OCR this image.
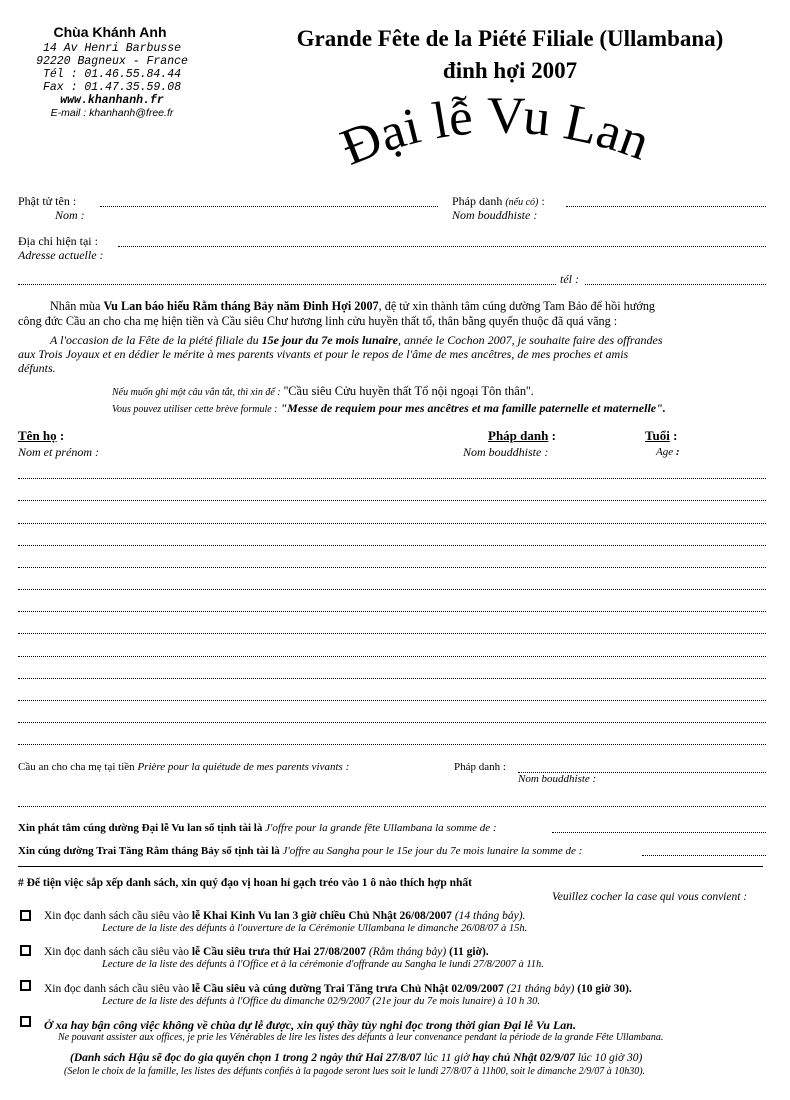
Chùa Khánh Anh
14 Av Henri Barbusse
92220 Bagneux - France
Tél : 01.46.55.84.44
Fax : 01.47.35.59.08
www.khanhanh.fr
E-mail : khanhanh@free.fr
Grande Fête de la Piété Filiale (Ullambana)
đinh hợi 2007
Đại lễ Vu Lan
Phật tử tên :
Nom :
Pháp danh (nếu có) :
Nom bouddhiste :
Địa chỉ hiện tại :
Adresse actuelle :
tél :
Nhân mùa Vu Lan báo hiếu Rằm tháng Bảy năm Đinh Hợi 2007, đệ tử xin thành tâm cúng dường Tam Bảo để hồi hướng
công đức Cầu an cho cha mẹ hiện tiền và Cầu siêu Chư hương linh cửu huyền thất tổ, thân bằng quyến thuộc đã quá vãng :
A l'occasion de la Fête de la piété filiale du 15e jour du 7e mois lunaire, année le Cochon 2007, je souhaite faire des offrandes
aux Trois Joyaux et en dédier le mérite à mes parents vivants et pour le repos de l'âme de mes ancêtres, de mes proches et amis
défunts.
Nếu muốn ghi một câu vắn tắt, thì xin để : ''Cầu siêu Cửu huyền thất Tổ nội ngoại Tôn thân''.
Vous pouvez utiliser cette brève formule : "Messe de requiem pour mes ancêtres et ma famille paternelle et maternelle".
Tên họ :
Nom et prénom :
Pháp danh :
Nom bouddhiste :
Tuổi :
Age :
Cầu an cho cha mẹ tại tiền Prière pour la quiétude de mes parents vivants :	Pháp danh :
Nom bouddhiste :
Xin phát tâm cúng dường Đại lễ Vu lan số tịnh tài là J'offre pour la grande fête Ullambana la somme de :
Xin cúng dường Trai Tăng Rằm tháng Bảy số tịnh tài là J'offre au Sangha pour le 15e jour du 7e mois lunaire la somme de :
# Để tiện việc sắp xếp danh sách, xin quý đạo vị hoan hỉ gạch tréo vào 1 ô nào thích hợp nhất
Veuillez cocher la case qui vous convient :
Xin đọc danh sách cầu siêu vào lễ Khai Kinh Vu lan 3 giờ chiều Chủ Nhật 26/08/2007 (14 tháng bảy).
Lecture de la liste des défunts à l'ouverture de la Cérémonie Ullambana le dimanche 26/08/07 à 15h.
Xin đọc danh sách cầu siêu vào lễ Cầu siêu trưa thứ Hai 27/08/2007 (Rằm tháng bảy) (11 giờ).
Lecture de la liste des défunts à l'Office et à la cérémonie d'offrande au Sangha le lundi 27/8/2007 à 11h.
Xin đọc danh sách cầu siêu vào lễ Cầu siêu và cúng dường Trai Tăng trưa Chủ Nhật 02/09/2007 (21 tháng bảy) (10 giờ 30).
Lecture de la liste des défunts à l'Office du dimanche 02/9/2007 (21e jour du 7e mois lunaire) à 10 h 30.
Ở xa hay bận công việc không về chùa dự lễ được, xin quý thầy tùy nghi đọc trong thời gian Đại lễ Vu Lan.
Ne pouvant assister aux offices, je prie les Vénérables de lire les listes des défunts à leur convenance pendant la période de la grande Fête Ullambana.
(Danh sách Hậu sẽ đọc do gia quyến chọn 1 trong 2 ngày thứ Hai 27/8/07 lúc 11 giờ hay chủ Nhật 02/9/07 lúc 10 giờ 30)
(Selon le choix de la famille, les listes des défunts confiés à la pagode seront lues soit le lundi 27/8/07 à 11h00, soit le dimanche 2/9/07 à 10h30).
